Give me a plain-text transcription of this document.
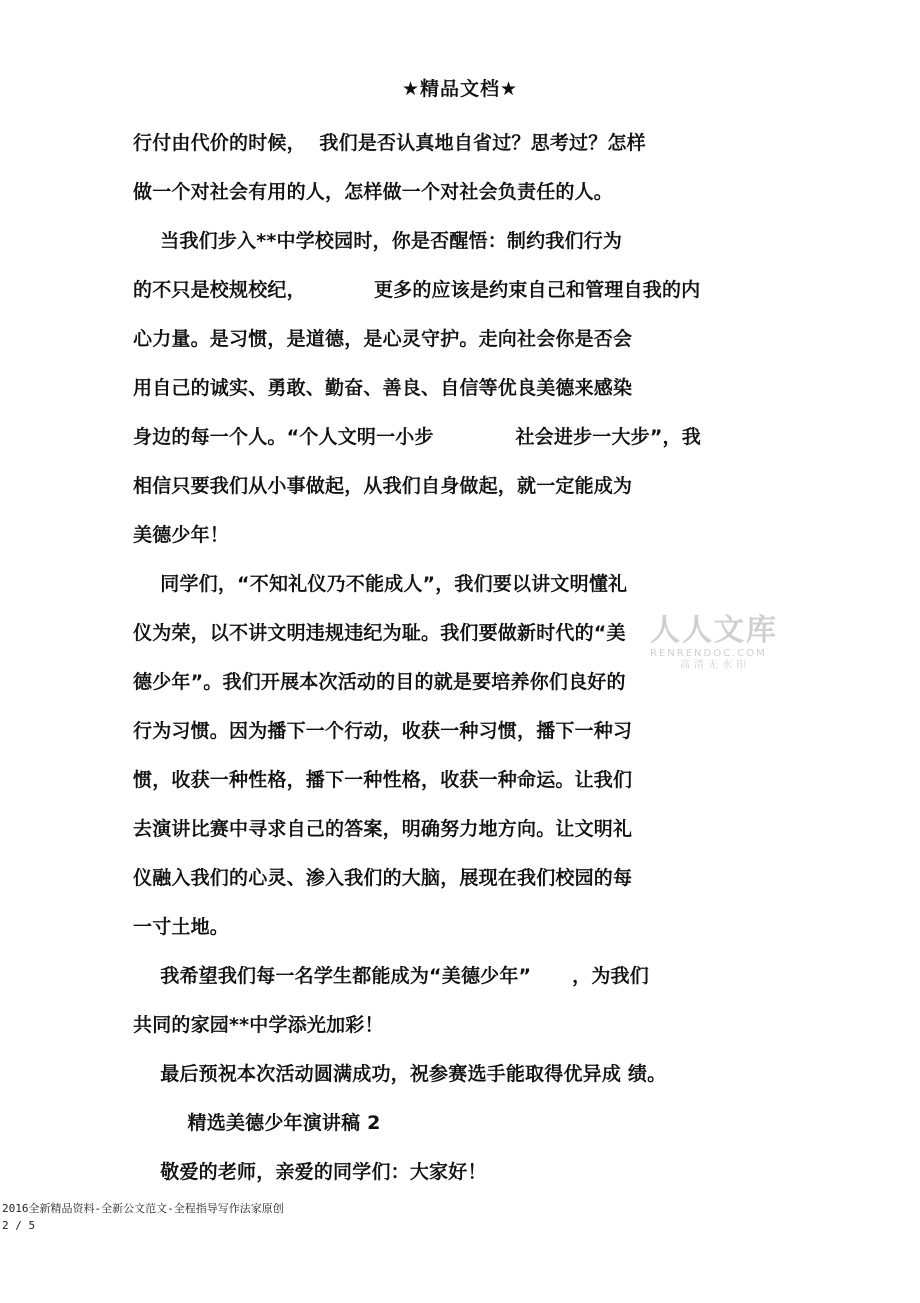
★精品文档★
行付由代价的时候，  我们是否认真地自省过？思考过？怎样
做一个对社会有用的人，怎样做一个对社会负责任的人。
当我们步入**中学校园时，你是否醒悟：制约我们行为
的不只是校规校纪，          更多的应该是约束自己和管理自我的内
心力量。是习惯，是道德，是心灵守护。走向社会你是否会
用自己的诚实、勇敢、勤奋、善良、自信等优良美德来感染
身边的每一个人。“个人文明一小步            社会进步一大步”，我
相信只要我们从小事做起，从我们自身做起，就一定能成为
美德少年！
同学们，“不知礼仪乃不能成人”，我们要以讲文明懂礼
仪为荣，以不讲文明违规违纪为耻。我们要做新时代的“美
德少年”。我们开展本次活动的目的就是要培养你们良好的
行为习惯。因为播下一个行动，收获一种习惯，播下一种习
惯，收获一种性格，播下一种性格，收获一种命运。让我们
去演讲比赛中寻求自己的答案，明确努力地方向。让文明礼
仪融入我们的心灵、渗入我们的大脑，展现在我们校园的每
一寸土地。
我希望我们每一名学生都能成为“美德少年”      ，为我们
共同的家园**中学添光加彩！
最后预祝本次活动圆满成功，祝参赛选手能取得优异成 绩。
精选美德少年演讲稿 2
敬爱的老师，亲爱的同学们：大家好！
人人文库
RENRENDOC.COM
高清无水印
2016全新精品资料-全新公文范文-全程指导写作法家原创
2 / 5
